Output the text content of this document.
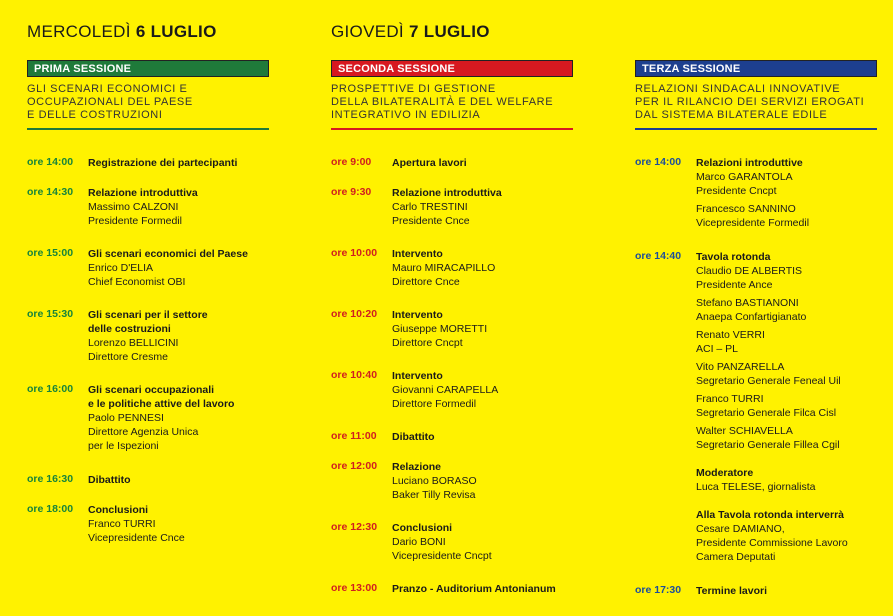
MERCOLEDÌ 6 LUGLIO	GIOVEDÌ 7 LUGLIO
PRIMA SESSIONE
GLI SCENARI ECONOMICI E
OCCUPAZIONALI DEL PAESE
E DELLE COSTRUZIONI
ore 14:00	Registrazione dei partecipanti
ore 14:30	Relazione introduttiva
Massimo CALZONI
Presidente Formedil
ore 15:00	Gli scenari economici del Paese
Enrico D'ELIA
Chief Economist OBI
ore 15:30	Gli scenari per il settore
delle costruzioni
Lorenzo BELLICINI
Direttore Cresme
ore 16:00	Gli scenari occupazionali
e le politiche attive del lavoro
Paolo PENNESI
Direttore Agenzia Unica
per le Ispezioni
ore 16:30	Dibattito
ore 18:00	Conclusioni
Franco TURRI
Vicepresidente Cnce
SECONDA SESSIONE
PROSPETTIVE DI GESTIONE
DELLA BILATERALITÀ E DEL WELFARE
INTEGRATIVO IN EDILIZIA
ore 9:00	Apertura lavori
ore 9:30	Relazione introduttiva
Carlo TRESTINI
Presidente Cnce
ore 10:00	Intervento
Mauro MIRACAPILLO
Direttore Cnce
ore 10:20	Intervento
Giuseppe MORETTI
Direttore Cncpt
ore 10:40	Intervento
Giovanni CARAPELLA
Direttore Formedil
ore 11:00	Dibattito
ore 12:00	Relazione
Luciano BORASO
Baker Tilly Revisa
ore 12:30	Conclusioni
Dario BONI
Vicepresidente Cncpt
ore 13:00	Pranzo - Auditorium Antonianum
TERZA SESSIONE
RELAZIONI SINDACALI INNOVATIVE
PER IL RILANCIO DEI SERVIZI EROGATI
DAL SISTEMA BILATERALE EDILE
ore 14:00	Relazioni introduttive
Marco GARANTOLA
Presidente Cncpt
Francesco SANNINO
Vicepresidente Formedil
ore 14:40	Tavola rotonda
Claudio DE ALBERTIS
Presidente Ance
Stefano BASTIANONI
Anaepa Confartigianato
Renato VERRI
ACI – PL
Vito PANZARELLA
Segretario Generale Feneal Uil
Franco TURRI
Segretario Generale Filca Cisl
Walter SCHIAVELLA
Segretario Generale Fillea Cgil
Moderatore
Luca TELESE, giornalista
Alla Tavola rotonda interverrà
Cesare DAMIANO,
Presidente Commissione Lavoro
Camera Deputati
ore 17:30	Termine lavori
